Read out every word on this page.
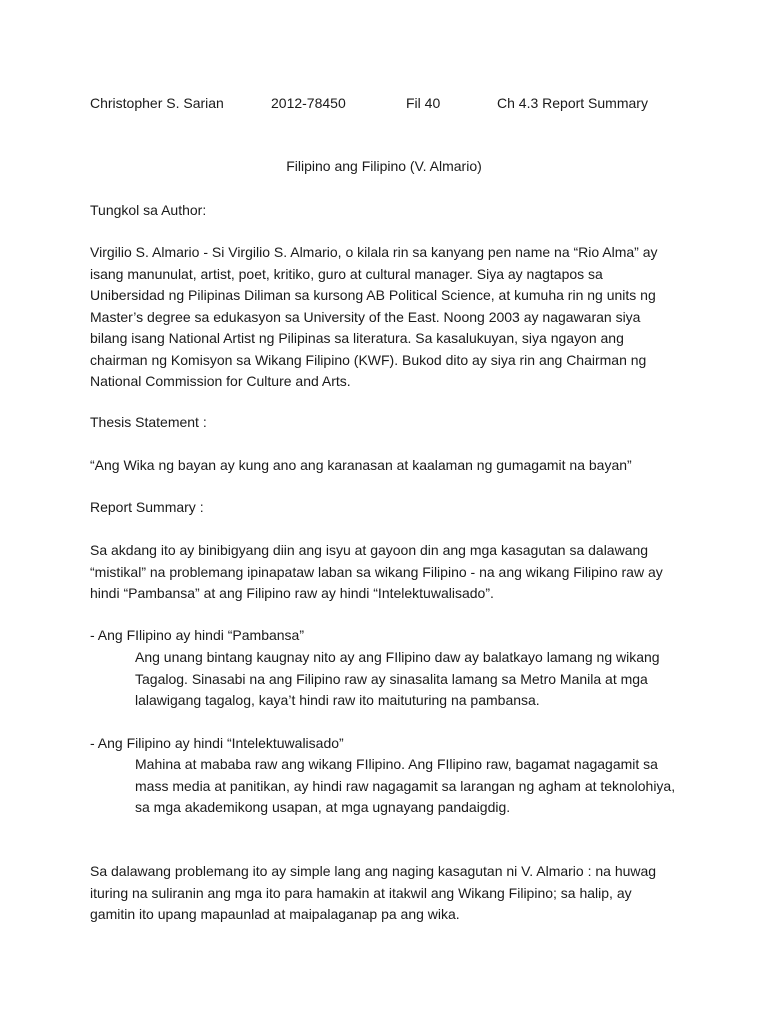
Christopher S. Sarian	2012-78450	Fil 40	Ch 4.3 Report Summary
Filipino ang Filipino (V. Almario)
Tungkol sa Author:

Virgilio S. Almario - Si Virgilio S. Almario, o kilala rin sa kanyang pen name na “Rio Alma” ay isang manunulat, artist, poet, kritiko, guro at cultural manager. Siya ay nagtapos sa Unibersidad ng Pilipinas Diliman sa kursong AB Political Science, at kumuha rin ng units ng Master’s degree sa edukasyon sa University of the East. Noong 2003 ay nagawaran siya bilang isang National Artist ng Pilipinas sa literatura. Sa kasalukuyan, siya ngayon ang chairman ng Komisyon sa Wikang Filipino (KWF). Bukod dito ay siya rin ang Chairman ng National Commission for Culture and Arts.

Thesis Statement :
“Ang Wika ng bayan ay kung ano ang karanasan at kaalaman ng gumagamit na bayan”
Report Summary :

Sa akdang ito ay binibigyang diin ang isyu at gayoon din ang mga kasagutan sa dalawang “mistikal” na problemang ipinapataw laban sa wikang Filipino - na ang wikang Filipino raw ay hindi “Pambansa” at ang Filipino raw ay hindi “Intelektuwalisado”.

- Ang FIlipino ay hindi “Pambansa”
Ang unang bintang kaugnay nito ay ang FIlipino daw ay balatkayo lamang ng wikang Tagalog. Sinasabi na ang Filipino raw ay sinasalita lamang sa Metro Manila at mga lalawigang tagalog, kaya’t hindi raw ito maituturing na pambansa.
- Ang Filipino ay hindi “Intelektuwalisado”
Mahina at mababa raw ang wikang FIlipino. Ang FIlipino raw, bagamat nagagamit sa mass media at panitikan, ay hindi raw nagagamit sa larangan ng agham at teknolohiya, sa mga akademikong usapan, at mga ugnayang pandaigdig.

Sa dalawang problemang ito ay simple lang ang naging kasagutan ni V. Almario : na huwag ituring na suliranin ang mga ito para hamakin at itakwil ang Wikang Filipino; sa halip, ay gamitin ito upang mapaunlad at maipalaganap pa ang wika.
